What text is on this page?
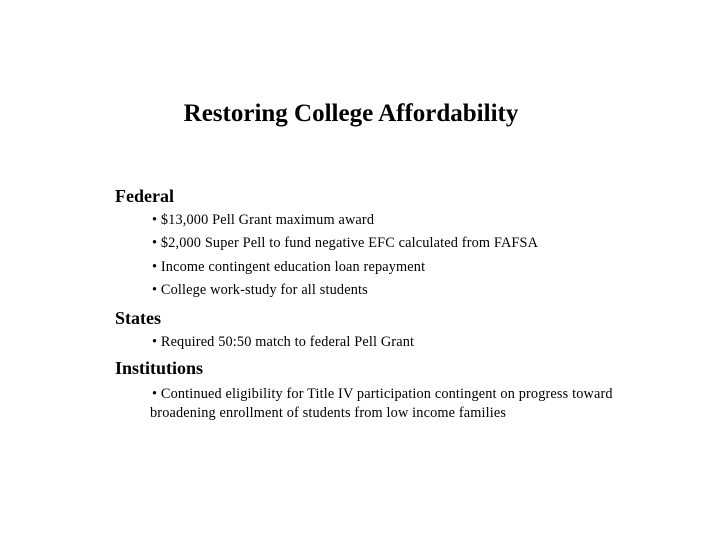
Restoring College Affordability
Federal
• $13,000 Pell Grant maximum award
• $2,000 Super Pell to fund negative EFC calculated from FAFSA
• Income contingent education loan repayment
• College work-study for all students
States
• Required 50:50 match to federal Pell Grant
Institutions
• Continued eligibility for Title IV participation contingent on progress toward broadening enrollment of students from low income families
